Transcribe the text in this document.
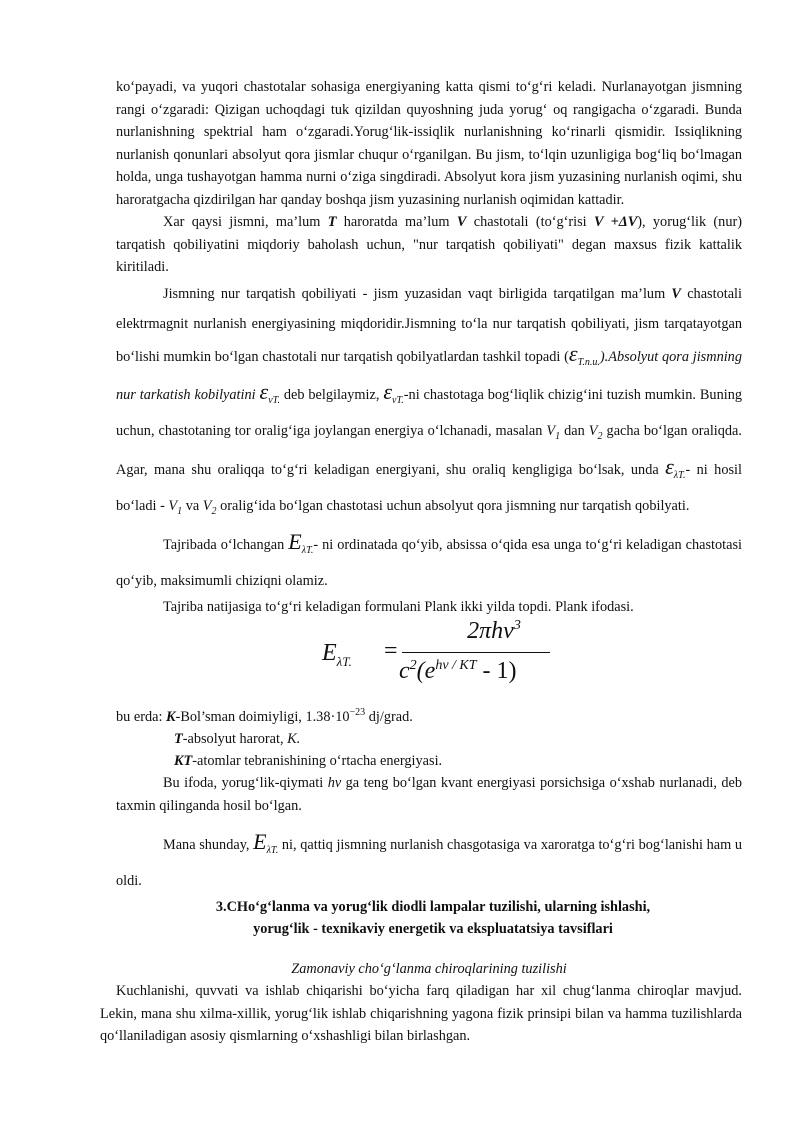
ko‘payadi, va yuqori chastotalar sohasiga energiyaning katta qismi to‘g‘ri keladi. Nurlanayotgan jismning rangi o‘zgaradi: Qizigan uchoqdagi tuk qizildan quyoshning juda yorug‘ oq rangigacha o‘zgaradi. Bunda nurlanishning spektrial ham o‘zgaradi.Yorug‘lik-issiqlik nurlanishning ko‘rinarli qismidir. Issiqlikning nurlanish qonunlari absolyut qora jismlar chuqur o‘rganilgan. Bu jism, to‘lqin uzunligiga bog‘liq bo‘lmagan holda, unga tushayotgan hamma nurni o‘ziga singdiradi. Absolyut kora jism yuzasining nurlanish oqimi, shu haroratgacha qizdirilgan har qanday boshqa jism yuzasining nurlanish oqimidan kattadir.

Xar qaysi jismni, ma’lum T haroratda ma’lum V chastotali (to‘g‘risi V +ΔV), yorug‘lik (nur) tarqatish qobiliyatini miqdoriy baholash uchun, "nur tarqatish qobiliyati" degan maxsus fizik kattalik kiritiladi.

Jismning nur tarqatish qobiliyati - jism yuzasidan vaqt birligida tarqatilgan ma’lum V chastotali elektrmagnit nurlanish energiyasining miqdoridir.Jismning to‘la nur tarqatish qobiliyati, jism tarqatayotgan bo‘lishi mumkin bo‘lgan chastotali nur tarqatish qobilyatlardan tashkil topadi $(\varepsilon_{T.п.и.}).Absolyut$ qora jismning nur tarkatish kobilyatini $\varepsilon_{vT.}$ deb belgilaymiz, $\varepsilon_{vT.}-ni$ chastotaga bog‘liqlik chizig‘ini tuzish mumkin. Buning uchun, chastotaning tor oralig‘iga joylangan energiya o‘lchanadi, masalan $V_1$ dan $V_2$ gacha bo‘lgan oraliqda. Agar, mana shu oraliqqa to‘g‘ri keladigan energiyani, shu oraliq kengligiga bo‘lsak, unda $\varepsilon_{\lambda T.}-$ ni hosil bo‘ladi - $V_1$ va $V_2$ oralig‘ida bo‘lgan chastotasi uchun absolyut qora jismning nur tarqatish qobilyati.

Tajribada o‘lchangan $E_{\lambda T.}-$ ni ordinatada qo‘yib, absissa o‘qida esa unga to‘g‘ri keladigan chastotasi qo‘yib, maksimumli chiziqni olamiz.

Tajriba natijasiga to‘g‘ri keladigan formulani Plank ikki yilda topdi. Plank ifodasi.

$E_{\lambda T.}$ =
2πhv$^3$
$c^2(e^{hv / KT} - 1)$

bu erda: K-Bol’sman doimiyligi, $1.38\cdot 10^{-23}$ dj/grad.

T-absolyut harorat, K.

KT-atomlar tebranishining o‘rtacha energiyasi.

Bu ifoda, yorug‘lik-qiymati hv ga teng bo‘lgan kvant energiyasi porsichsiga o‘xshab nurlanadi, deb taxmin qilinganda hosil bo‘lgan.

Mana shunday, $E_{\lambda T.}$ ni, qattiq jismning nurlanish chasgotasiga va xaroratga to‘g‘ri bog‘lanishi ham u oldi.

3.CHo‘g‘lanma va yorug‘lik diodli lampalar tuzilishi, ularning ishlashi,
yorug‘lik - texnikaviy energetik va ekspluatatsiya tavsiflari
Zamonaviy cho‘g‘lanma chiroqlarining tuzilishi

Kuchlanishi, quvvati va ishlab chiqarishi bo‘yicha farq qiladigan har xil chug‘lanma chiroqlar mavjud. Lekin, mana shu xilma-xillik, yorug‘lik ishlab chiqarishning yagona fizik prinsipi bilan va hamma tuzilishlarda qo‘llaniladigan asosiy qismlarning o‘xshashligi bilan birlashgan.
